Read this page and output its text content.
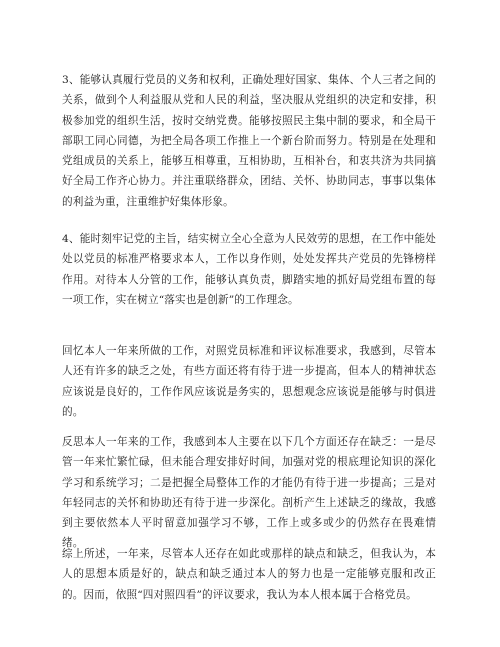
3、能够认真履行党员的义务和权利，正确处理好国家、集体、个人三者之间的关系，做到个人利益服从党和人民的利益，坚决服从党组织的决定和安排，积极参加党的组织生活，按时交纳党费。能够按照民主集中制的要求，和全局干部职工同心同德，为把全局各项工作推上一个新台阶而努力。特别是在处理和党组成员的关系上，能够互相尊重，互相协助，互相补台，和衷共济为共同搞好全局工作齐心协力。并注重联络群众，团结、关怀、协助同志，事事以集体的利益为重，注重维护好集体形象。

4、能时刻牢记党的主旨，结实树立全心全意为人民效劳的思想，在工作中能处处以党员的标准严格要求本人，工作以身作则，处处发挥共产党员的先锋榜样作用。对待本人分管的工作，能够认真负责，脚踏实地的抓好局党组布置的每一项工作，实在树立“落实也是创新”的工作理念。

回忆本人一年来所做的工作，对照党员标准和评议标准要求，我感到，尽管本人还有许多的缺乏之处，有些方面还将有待于进一步提高，但本人的精神状态应该说是良好的，工作作风应该说是务实的，思想观念应该说是能够与时俱进的。

反思本人一年来的工作，我感到本人主要在以下几个方面还存在缺乏：一是尽管一年来忙繁忙碌，但未能合理安排好时间，加强对党的根底理论知识的深化学习和系统学习；二是把握全局整体工作的才能仍有待于进一步提高；三是对年轻同志的关怀和协助还有待于进一步深化。剖析产生上述缺乏的缘故，我感到主要依然本人平时留意加强学习不够，工作上或多或少的仍然存在畏难情绪。

综上所述，一年来，尽管本人还存在如此或那样的缺点和缺乏，但我认为，本人的思想本质是好的，缺点和缺乏通过本人的努力也是一定能够克服和改正的。因而，依照“四对照四看”的评议要求，我认为本人根本属于合格党员。
